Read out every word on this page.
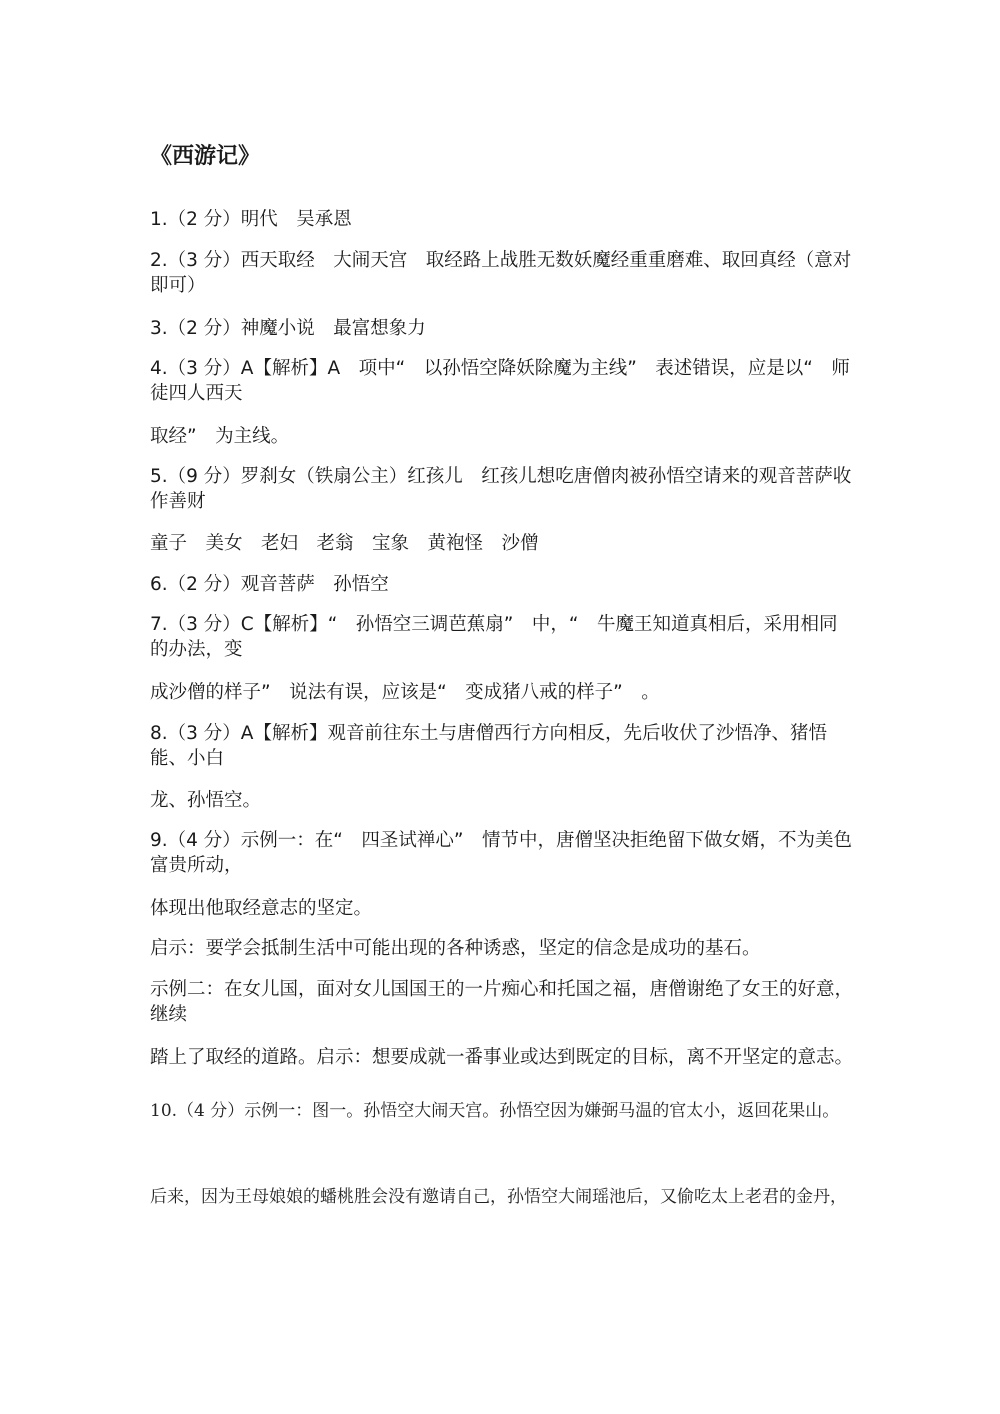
《西游记》

1.（2 分）明代　吴承恩

2.（3 分）西天取经　大闹天宫　取经路上战胜无数妖魔经重重磨难、取回真经（意对即可）

3.（2 分）神魔小说　最富想象力

4.（3 分）A【解析】A　项中“　以孙悟空降妖除魔为主线”　表述错误，应是以“　师徒四人西天

取经”　为主线。

5.（9 分）罗刹女（铁扇公主）红孩儿　红孩儿想吃唐僧肉被孙悟空请来的观音菩萨收作善财

童子　美女　老妇　老翁　宝象　黄袍怪　沙僧

6.（2 分）观音菩萨　孙悟空

7.（3 分）C【解析】“　孙悟空三调芭蕉扇”　中，“　牛魔王知道真相后，采用相同的办法，变

成沙僧的样子”　说法有误，应该是“　变成猪八戒的样子”　。

8.（3 分）A【解析】观音前往东土与唐僧西行方向相反，先后收伏了沙悟净、猪悟能、小白

龙、孙悟空。

9.（4 分）示例一：在“　四圣试禅心”　情节中，唐僧坚决拒绝留下做女婿，不为美色富贵所动，

体现出他取经意志的坚定。

启示：要学会抵制生活中可能出现的各种诱惑，坚定的信念是成功的基石。

示例二：在女儿国，面对女儿国国王的一片痴心和托国之福，唐僧谢绝了女王的好意，继续

踏上了取经的道路。启示：想要成就一番事业或达到既定的目标，离不开坚定的意志。

10.（4 分）示例一：图一。孙悟空大闹天宫。孙悟空因为嫌弼马温的官太小，返回花果山。

后来，因为王母娘娘的蟠桃胜会没有邀请自己，孙悟空大闹瑶池后，又偷吃太上老君的金丹，
